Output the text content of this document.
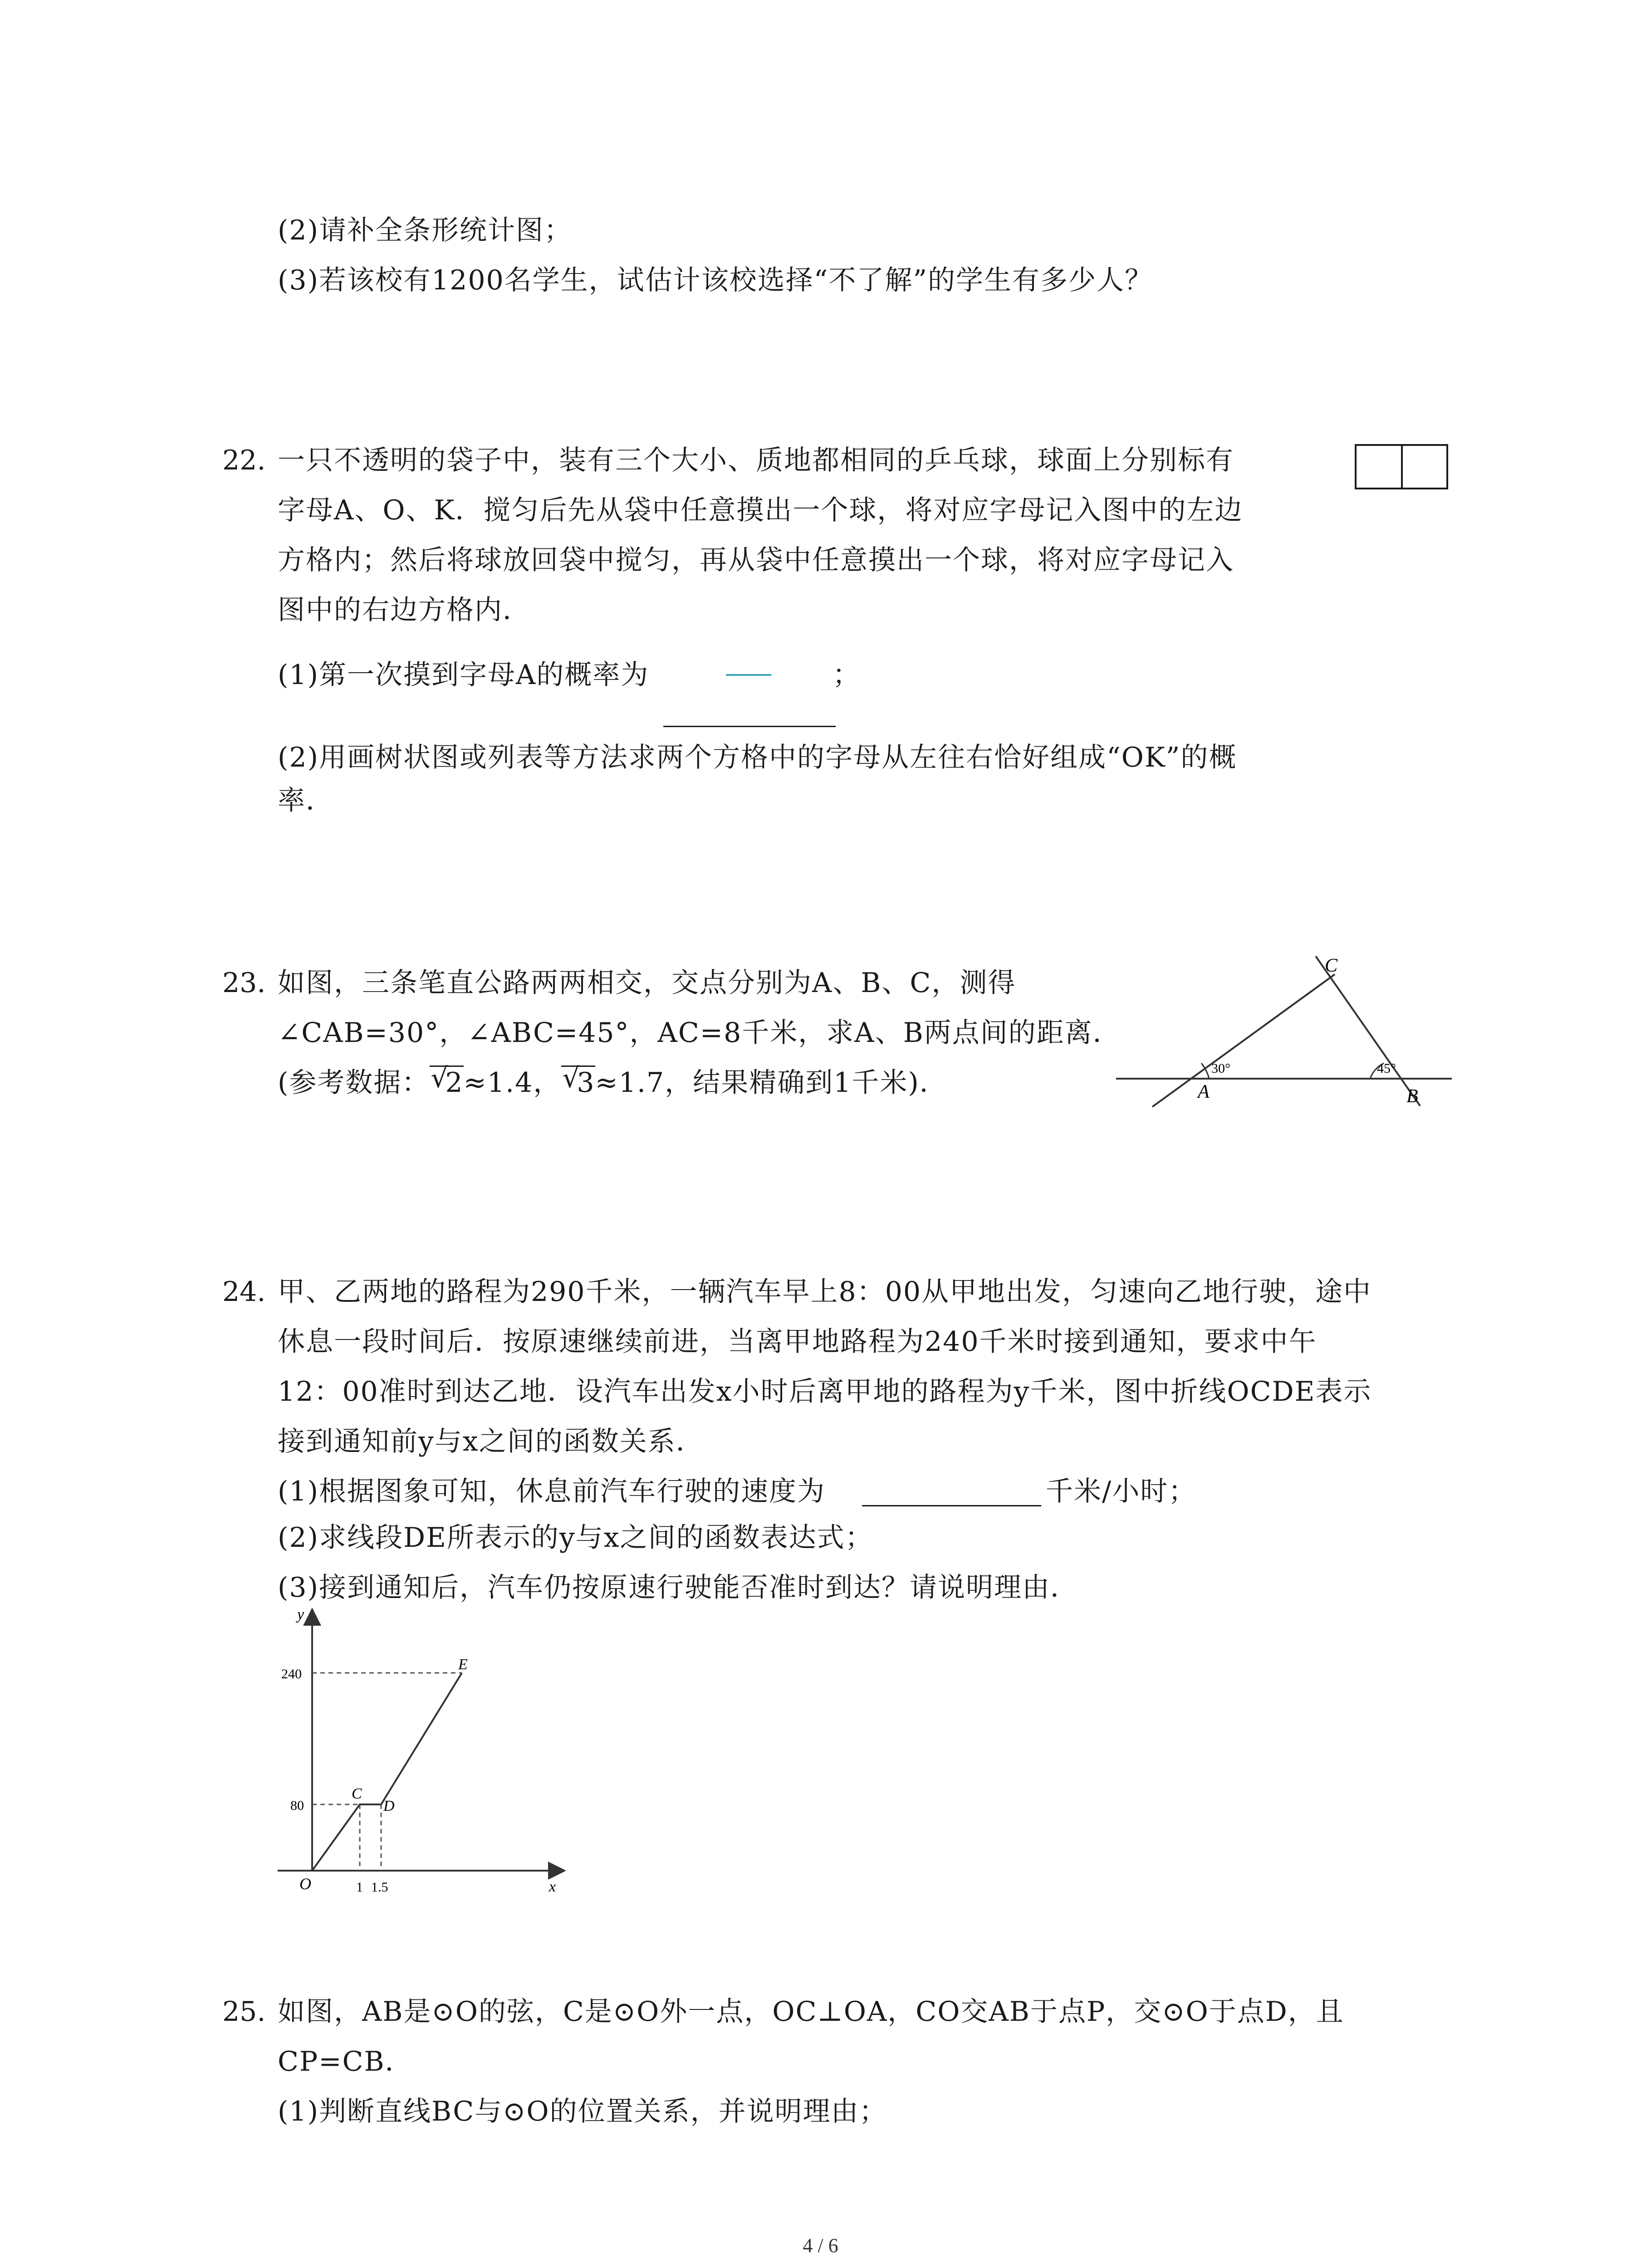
(2)请补全条形统计图；
(3)若该校有1200名学生，试估计该校选择“不了解”的学生有多少人？
22. 一只不透明的袋子中，装有三个大小、质地都相同的乒乓球，球面上分别标有
字母A、O、K．搅匀后先从袋中任意摸出一个球，将对应字母记入图中的左边
方格内；然后将球放回袋中搅匀，再从袋中任意摸出一个球，将对应字母记入
图中的右边方格内．
(1)第一次摸到字母A的概率为	；
(2)用画树状图或列表等方法求两个方格中的字母从左往右恰好组成“OK”的概
率．
23. 如图，三条笔直公路两两相交，交点分别为A、B、C，测得
∠CAB=30°，∠ABC=45°，AC=8千米，求A、B两点间的距离．
(参考数据： √
2≈1.4， √
3≈1.7，结果精确到1千米)．	A	B
C
30°	45°
24. 甲、乙两地的路程为290千米，一辆汽车早上8：00从甲地出发，匀速向乙地行驶，途中
休息一段时间后．按原速继续前进，当离甲地路程为240千米时接到通知，要求中午
12：00准时到达乙地．设汽车出发x小时后离甲地的路程为y千米，图中折线OCDE表示
接到通知前y与x之间的函数关系．
(1)根据图象可知，休息前汽车行驶的速度为	千米/小时；
(2)求线段DE所表示的y与x之间的函数表达式；
(3)接到通知后，汽车仍按原速行驶能否准时到达？请说明理由．
y
x
O
240
80
1 1.5
C
D
E
25. 如图，AB是⊙O的弦，C是⊙O外一点，OC⊥OA，CO交AB于点P，交⊙O于点D，且
CP=CB．
(1)判断直线BC与⊙O的位置关系，并说明理由；
4 / 6
